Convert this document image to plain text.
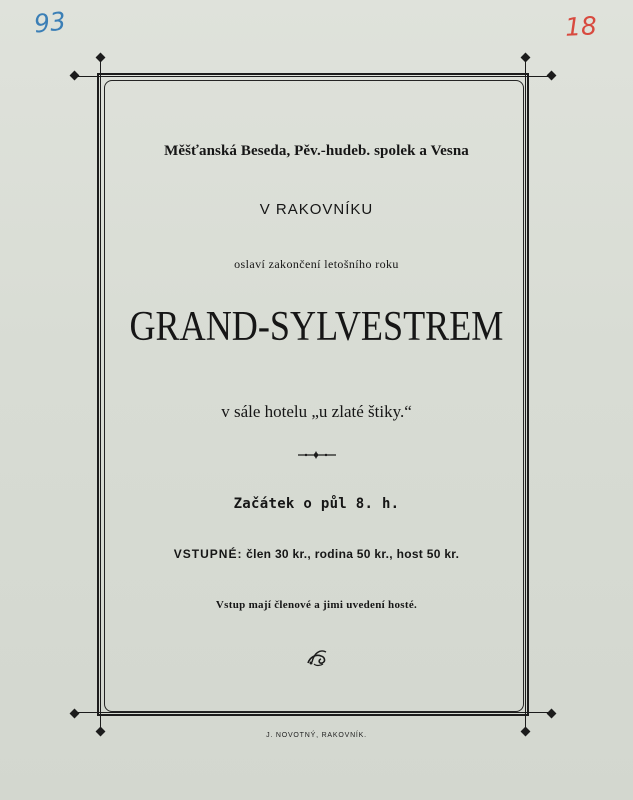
93	18
Měšťanská Beseda, Pěv.-hudeb. spolek a Vesna
V RAKOVNÍKU
oslaví zakončení letošního roku
GRAND-SYLVESTREM
v sále hotelu „u zlaté štiky.“
Začátek o půl 8. h.
VSTUPNÉ: člen 30 kr., rodina 50 kr., host 50 kr.
Vstup mají členové a jimi uvedení hosté.
J. NOVOTNÝ, RAKOVNÍK.
